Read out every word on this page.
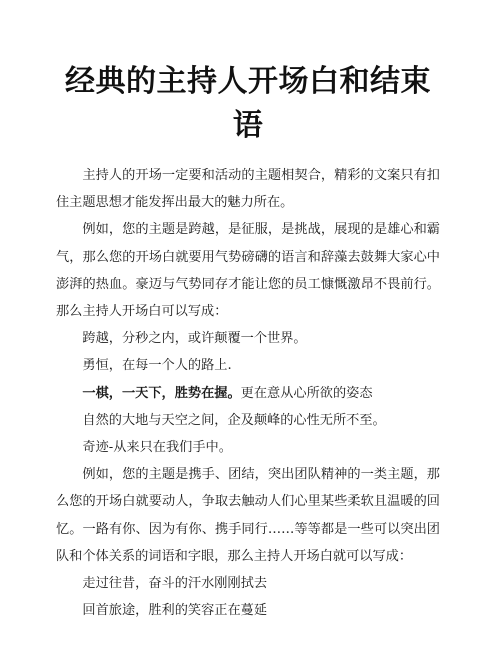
经典的主持人开场白和结束语

主持人的开场一定要和活动的主题相契合，精彩的文案只有扣住主题思想才能发挥出最大的魅力所在。

例如，您的主题是跨越，是征服，是挑战，展现的是雄心和霸气，那么您的开场白就要用气势磅礴的语言和辞藻去鼓舞大家心中澎湃的热血。豪迈与气势同存才能让您的员工慷慨激昂不畏前行。那么主持人开场白可以写成：

跨越，分秒之内，或许颠覆一个世界。

勇恒，在每一个人的路上.

一棋，一天下，胜势在握。更在意从心所欲的姿态

自然的大地与天空之间，企及颠峰的心性无所不至。

奇迹-从来只在我们手中。

例如，您的主题是携手、团结，突出团队精神的一类主题，那么您的开场白就要动人，争取去触动人们心里某些柔软且温暖的回忆。一路有你、因为有你、携手同行……等等都是一些可以突出团队和个体关系的词语和字眼，那么主持人开场白就可以写成：

走过往昔，奋斗的汗水刚刚拭去

回首旅途，胜利的笑容正在蔓延
